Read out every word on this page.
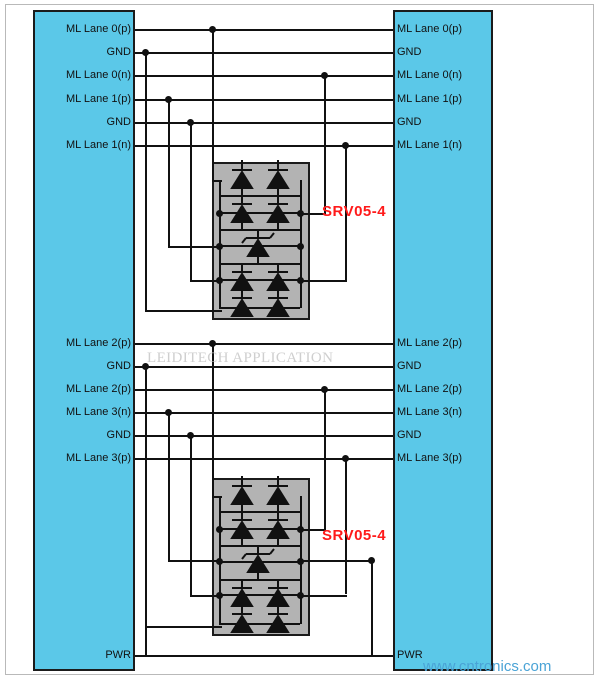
ML Lane 0(p)
GND
ML Lane 0(n)
ML Lane 1(p)
GND
ML Lane 1(n)
ML Lane 2(p)
GND
ML Lane 2(p)
ML Lane 3(n)
GND
ML Lane 3(p)
PWR
ML Lane 0(p)
GND
ML Lane 0(n)
ML Lane 1(p)
GND
ML Lane 1(n)
ML Lane 2(p)
GND
ML Lane 2(p)
ML Lane 3(n)
GND
ML Lane 3(p)
PWR
SRV05-4
SRV05-4
LEIDITECH APPLICATION
www.cntronics.com
